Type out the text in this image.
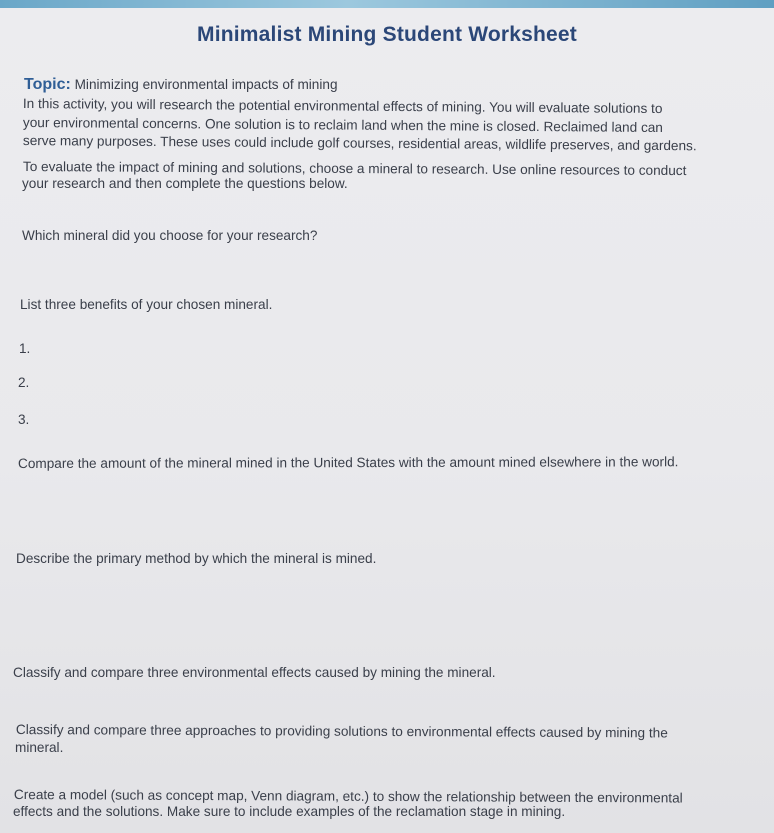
Minimalist Mining Student Worksheet
Topic: Minimizing environmental impacts of mining
In this activity, you will research the potential environmental effects of mining. You will evaluate solutions to
your environmental concerns. One solution is to reclaim land when the mine is closed. Reclaimed land can
serve many purposes. These uses could include golf courses, residential areas, wildlife preserves, and gardens.
To evaluate the impact of mining and solutions, choose a mineral to research. Use online resources to conduct
your research and then complete the questions below.
Which mineral did you choose for your research?
List three benefits of your chosen mineral.
1.
2.
3.
Compare the amount of the mineral mined in the United States with the amount mined elsewhere in the world.
Describe the primary method by which the mineral is mined.
Classify and compare three environmental effects caused by mining the mineral.
Classify and compare three approaches to providing solutions to environmental effects caused by mining the
mineral.
Create a model (such as concept map, Venn diagram, etc.) to show the relationship between the environmental
effects and the solutions. Make sure to include examples of the reclamation stage in mining.
